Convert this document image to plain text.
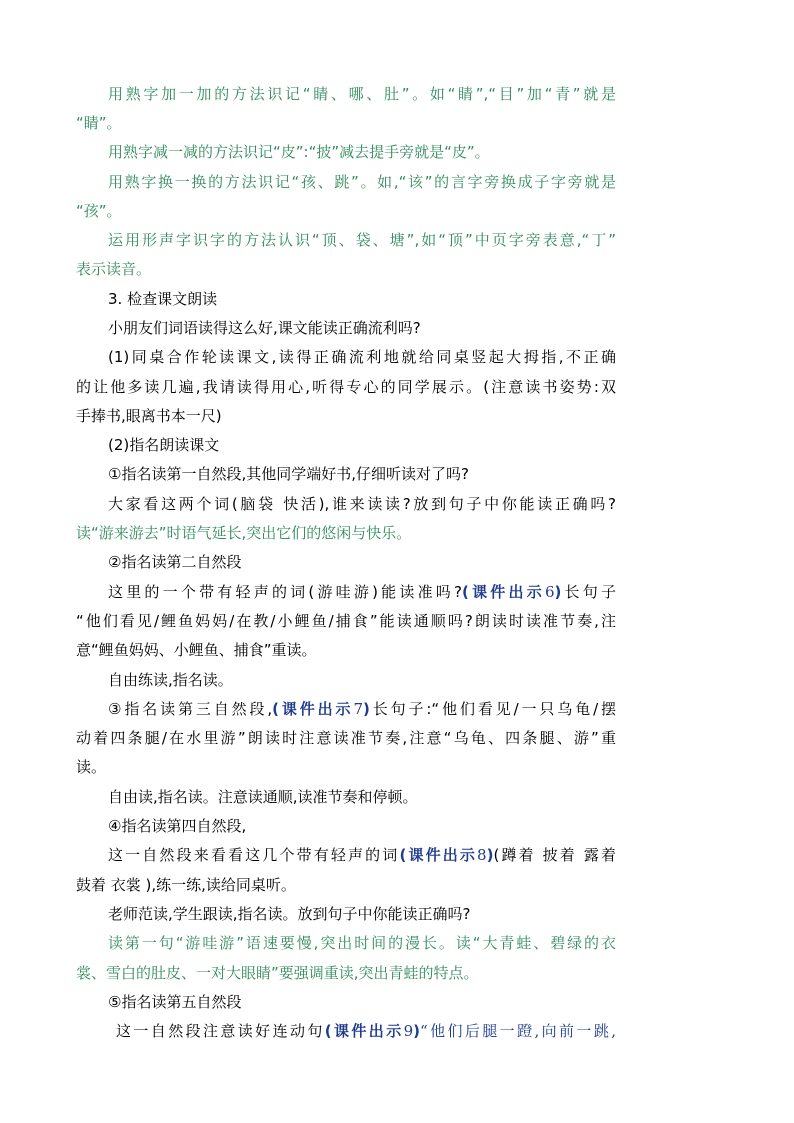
用熟字加一加的方法识记“睛、哪、肚”。如“睛”,“目”加“青”就是
“睛”。
用熟字减一减的方法识记“皮”:“披”减去提手旁就是“皮”。
用熟字换一换的方法识记“孩、跳”。如,“该”的言字旁换成子字旁就是
“孩”。
运用形声字识字的方法认识“顶、袋、塘”,如“顶”中页字旁表意,“丁”
表示读音。
3. 检查课文朗读
小朋友们词语读得这么好,课文能读正确流利吗?
(1)同桌合作轮读课文,读得正确流利地就给同桌竖起大拇指,不正确
的让他多读几遍,我请读得用心,听得专心的同学展示。(注意读书姿势:双
手捧书,眼离书本一尺)
(2)指名朗读课文
①指名读第一自然段,其他同学端好书,仔细听读对了吗?
大家看这两个词(脑袋 快活),谁来读读?放到句子中你能读正确吗?
读“游来游去”时语气延长,突出它们的悠闲与快乐。
②指名读第二自然段
这里的一个带有轻声的词(游哇游)能读准吗?(课件出示6)长句子
“他们看见/鲤鱼妈妈/在教/小鲤鱼/捕食”能读通顺吗?朗读时读准节奏,注
意“鲤鱼妈妈、小鲤鱼、捕食”重读。
自由练读,指名读。
③指名读第三自然段,(课件出示7)长句子:“他们看见/一只乌龟/摆
动着四条腿/在水里游”朗读时注意读准节奏,注意“乌龟、四条腿、游”重
读。
自由读,指名读。注意读通顺,读准节奏和停顿。
④指名读第四自然段,
这一自然段来看看这几个带有轻声的词(课件出示8)(蹲着 披着 露着
鼓着 衣裳 ),练一练,读给同桌听。
老师范读,学生跟读,指名读。放到句子中你能读正确吗?
读第一句“游哇游”语速要慢,突出时间的漫长。读“大青蛙、碧绿的衣
裳、雪白的肚皮、一对大眼睛”要强调重读,突出青蛙的特点。
⑤指名读第五自然段
这一自然段注意读好连动句(课件出示9)“他们后腿一蹬,向前一跳,
